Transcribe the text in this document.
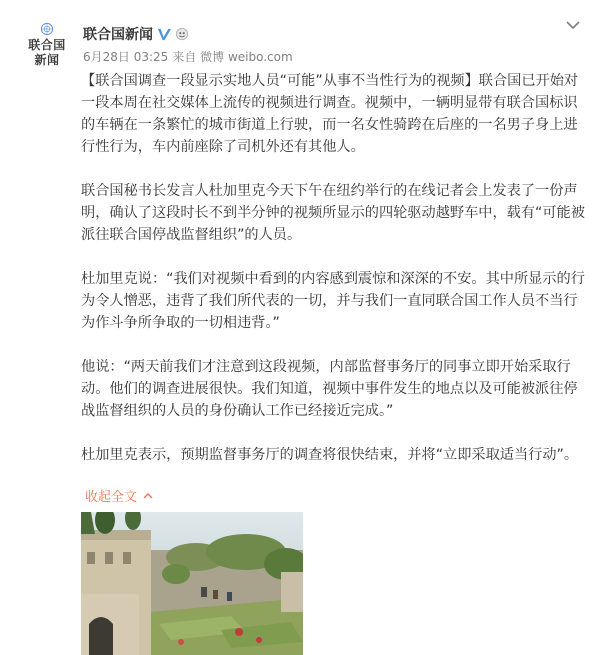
联合国
新闻
联合国新闻
6月28日 03:25 来自 微博 weibo.com

【联合国调查一段显示实地人员“可能”从事不当性行为的视频】联合国已开始对一段本周在社交媒体上流传的视频进行调查。视频中，一辆明显带有联合国标识的车辆在一条繁忙的城市街道上行驶，而一名女性骑跨在后座的一名男子身上进行性行为，车内前座除了司机外还有其他人。

联合国秘书长发言人杜加里克今天下午在纽约举行的在线记者会上发表了一份声明，确认了这段时长不到半分钟的视频所显示的四轮驱动越野车中，载有“可能被派往联合国停战监督组织”的人员。

杜加里克说：“我们对视频中看到的内容感到震惊和深深的不安。其中所显示的行为令人憎恶，违背了我们所代表的一切，并与我们一直同联合国工作人员不当行为作斗争所争取的一切相违背。”

他说：“两天前我们才注意到这段视频，内部监督事务厅的同事立即开始采取行动。他们的调查进展很快。我们知道，视频中事件发生的地点以及可能被派往停战监督组织的人员的身份确认工作已经接近完成。”

杜加里克表示，预期监督事务厅的调查将很快结束，并将“立即采取适当行动”。

收起全文
